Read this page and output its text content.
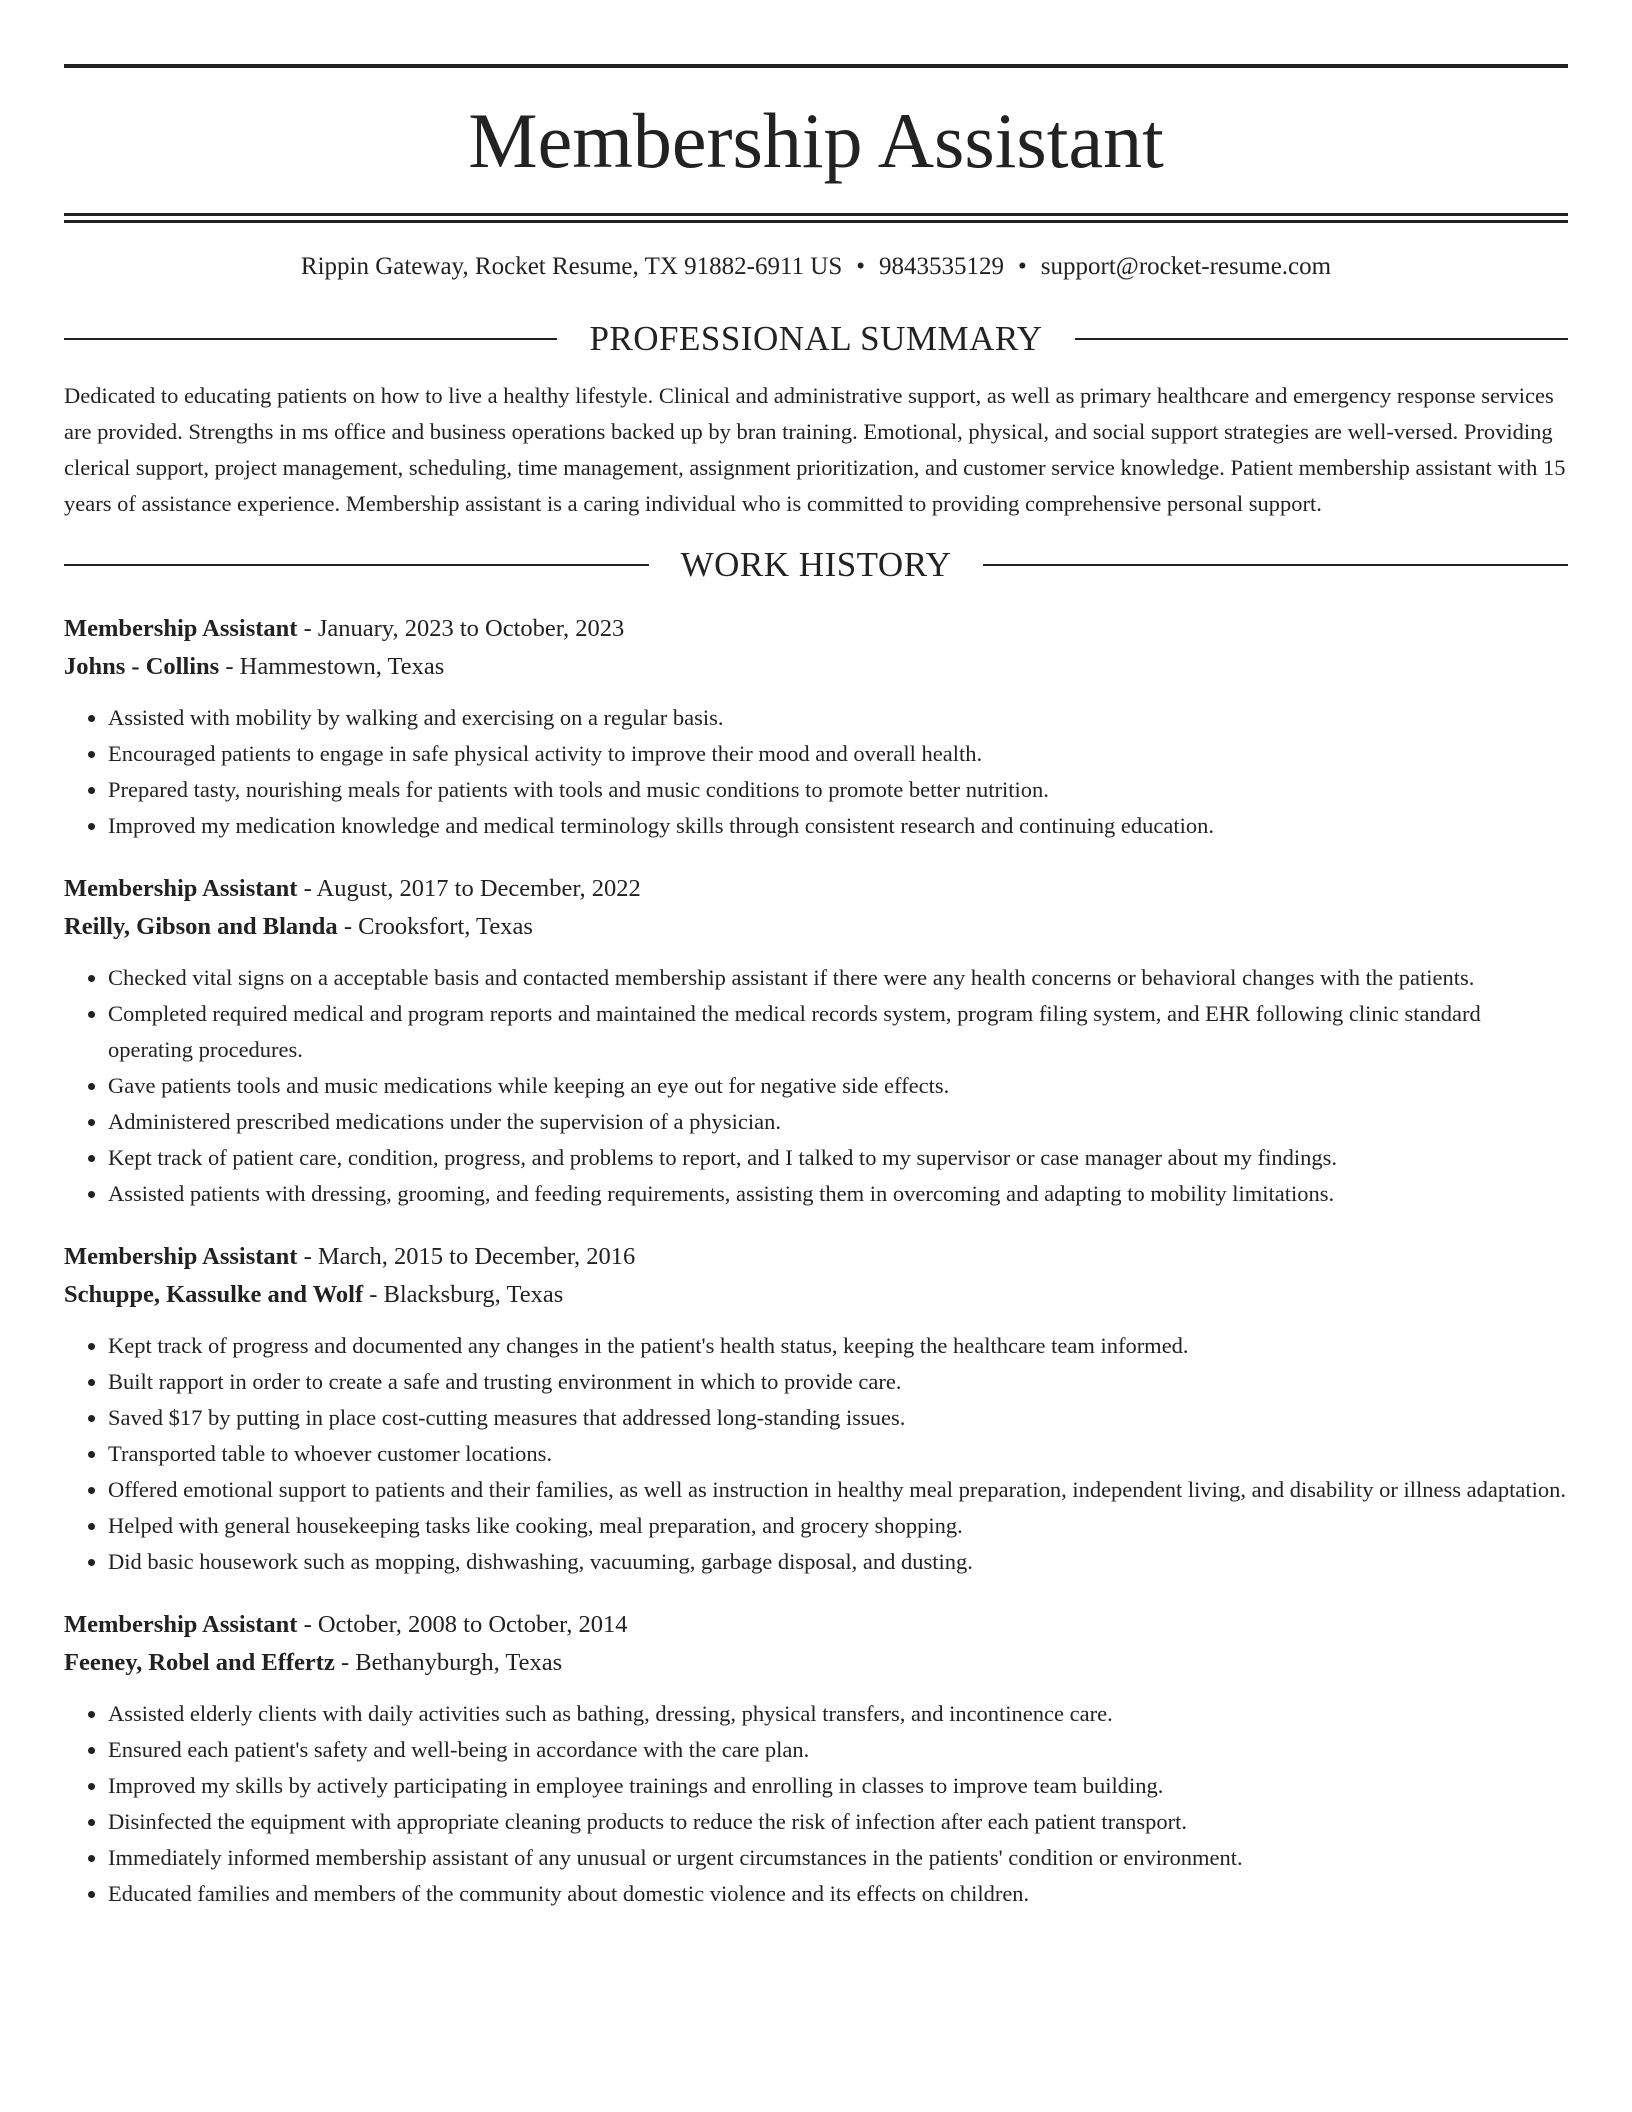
Membership Assistant
Rippin Gateway, Rocket Resume, TX 91882-6911 US • 9843535129 • support@rocket-resume.com
PROFESSIONAL SUMMARY

Dedicated to educating patients on how to live a healthy lifestyle. Clinical and administrative support, as well as primary healthcare and emergency response services are provided. Strengths in ms office and business operations backed up by bran training. Emotional, physical, and social support strategies are well-versed. Providing clerical support, project management, scheduling, time management, assignment prioritization, and customer service knowledge. Patient membership assistant with 15 years of assistance experience. Membership assistant is a caring individual who is committed to providing comprehensive personal support.

WORK HISTORY
Membership Assistant - January, 2023 to October, 2023
Johns - Collins - Hammestown, Texas
• Assisted with mobility by walking and exercising on a regular basis.
• Encouraged patients to engage in safe physical activity to improve their mood and overall health.
• Prepared tasty, nourishing meals for patients with tools and music conditions to promote better nutrition.
• Improved my medication knowledge and medical terminology skills through consistent research and continuing education.
Membership Assistant - August, 2017 to December, 2022
Reilly, Gibson and Blanda - Crooksfort, Texas
• Checked vital signs on a acceptable basis and contacted membership assistant if there were any health concerns or behavioral changes with the patients.
• Completed required medical and program reports and maintained the medical records system, program filing system, and EHR following clinic standard operating procedures.
• Gave patients tools and music medications while keeping an eye out for negative side effects.
• Administered prescribed medications under the supervision of a physician.
• Kept track of patient care, condition, progress, and problems to report, and I talked to my supervisor or case manager about my findings.
• Assisted patients with dressing, grooming, and feeding requirements, assisting them in overcoming and adapting to mobility limitations.
Membership Assistant - March, 2015 to December, 2016
Schuppe, Kassulke and Wolf - Blacksburg, Texas
• Kept track of progress and documented any changes in the patient's health status, keeping the healthcare team informed.
• Built rapport in order to create a safe and trusting environment in which to provide care.
• Saved $17 by putting in place cost-cutting measures that addressed long-standing issues.
• Transported table to whoever customer locations.
• Offered emotional support to patients and their families, as well as instruction in healthy meal preparation, independent living, and disability or illness adaptation.
• Helped with general housekeeping tasks like cooking, meal preparation, and grocery shopping.
• Did basic housework such as mopping, dishwashing, vacuuming, garbage disposal, and dusting.
Membership Assistant - October, 2008 to October, 2014
Feeney, Robel and Effertz - Bethanyburgh, Texas
• Assisted elderly clients with daily activities such as bathing, dressing, physical transfers, and incontinence care.
• Ensured each patient's safety and well-being in accordance with the care plan.
• Improved my skills by actively participating in employee trainings and enrolling in classes to improve team building.
• Disinfected the equipment with appropriate cleaning products to reduce the risk of infection after each patient transport.
• Immediately informed membership assistant of any unusual or urgent circumstances in the patients' condition or environment.
• Educated families and members of the community about domestic violence and its effects on children.
